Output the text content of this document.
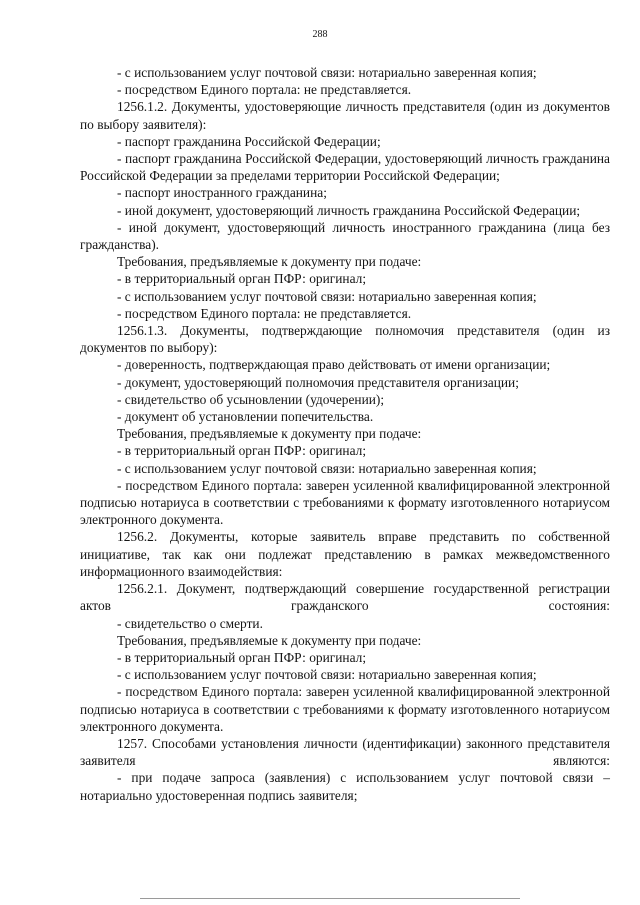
288

- с использованием услуг почтовой связи: нотариально заверенная копия;

- посредством Единого портала: не представляется.

1256.1.2. Документы, удостоверяющие личность представителя (один из документов по выбору заявителя):

- паспорт гражданина Российской Федерации;

- паспорт гражданина Российской Федерации, удостоверяющий личность гражданина Российской Федерации за пределами территории Российской Федерации;

- паспорт иностранного гражданина;

- иной документ, удостоверяющий личность гражданина Российской Федерации;

- иной документ, удостоверяющий личность иностранного гражданина (лица без гражданства).

Требования, предъявляемые к документу при подаче:

- в территориальный орган ПФР: оригинал;

- с использованием услуг почтовой связи: нотариально заверенная копия;

- посредством Единого портала: не представляется.

1256.1.3. Документы, подтверждающие полномочия представителя (один из документов по выбору):

- доверенность, подтверждающая право действовать от имени организации;

- документ, удостоверяющий полномочия представителя организации;

- свидетельство об усыновлении (удочерении);

- документ об установлении попечительства.

Требования, предъявляемые к документу при подаче:

- в территориальный орган ПФР: оригинал;

- с использованием услуг почтовой связи: нотариально заверенная копия;

- посредством Единого портала: заверен усиленной квалифицированной электронной подписью нотариуса в соответствии с требованиями к формату изготовленного нотариусом электронного документа.

1256.2. Документы, которые заявитель вправе представить по собственной инициативе, так как они подлежат представлению в рамках межведомственного информационного взаимодействия:

1256.2.1. Документ, подтверждающий совершение государственной регистрации актов гражданского состояния:

- свидетельство о смерти.

Требования, предъявляемые к документу при подаче:

- в территориальный орган ПФР: оригинал;

- с использованием услуг почтовой связи: нотариально заверенная копия;

- посредством Единого портала: заверен усиленной квалифицированной электронной подписью нотариуса в соответствии с требованиями к формату изготовленного нотариусом электронного документа.

1257. Способами установления личности (идентификации) законного представителя заявителя являются:

- при подаче запроса (заявления) с использованием услуг почтовой связи – нотариально удостоверенная подпись заявителя;
